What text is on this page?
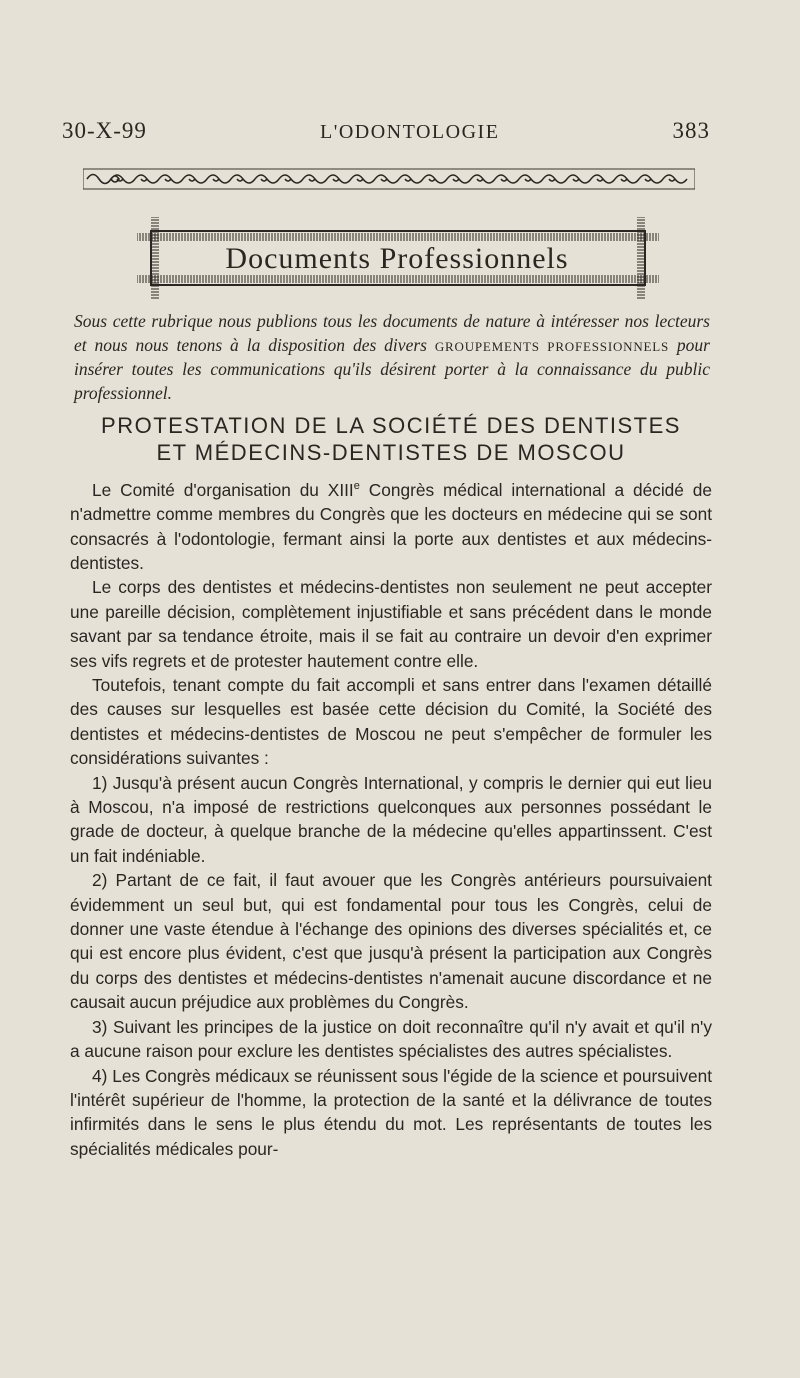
30-X-99	L'ODONTOLOGIE	383
Documents Professionnels

Sous cette rubrique nous publions tous les documents de nature à intéresser nos lecteurs et nous nous tenons à la disposition des divers GROUPEMENTS PROFESSIONNELS pour insérer toutes les communications qu'ils désirent porter à la connaissance du public professionnel.

PROTESTATION DE LA SOCIÉTÉ DES DENTISTES
ET MÉDECINS-DENTISTES DE MOSCOU

Le Comité d'organisation du XIIIe Congrès médical international a décidé de n'admettre comme membres du Congrès que les docteurs en médecine qui se sont consacrés à l'odontologie, fermant ainsi la porte aux dentistes et aux médecins-dentistes.

Le corps des dentistes et médecins-dentistes non seulement ne peut accepter une pareille décision, complètement injustifiable et sans précédent dans le monde savant par sa tendance étroite, mais il se fait au contraire un devoir d'en exprimer ses vifs regrets et de protester hautement contre elle.

Toutefois, tenant compte du fait accompli et sans entrer dans l'examen détaillé des causes sur lesquelles est basée cette décision du Comité, la Société des dentistes et médecins-dentistes de Moscou ne peut s'empêcher de formuler les considérations suivantes :

1) Jusqu'à présent aucun Congrès International, y compris le dernier qui eut lieu à Moscou, n'a imposé de restrictions quelconques aux personnes possédant le grade de docteur, à quelque branche de la médecine qu'elles appartinssent. C'est un fait indéniable.

2) Partant de ce fait, il faut avouer que les Congrès antérieurs poursuivaient évidemment un seul but, qui est fondamental pour tous les Congrès, celui de donner une vaste étendue à l'échange des opinions des diverses spécialités et, ce qui est encore plus évident, c'est que jusqu'à présent la participation aux Congrès du corps des dentistes et médecins-dentistes n'amenait aucune discordance et ne causait aucun préjudice aux problèmes du Congrès.

3) Suivant les principes de la justice on doit reconnaître qu'il n'y avait et qu'il n'y a aucune raison pour exclure les dentistes spécialistes des autres spécialistes.

4) Les Congrès médicaux se réunissent sous l'égide de la science et poursuivent l'intérêt supérieur de l'homme, la protection de la santé et la délivrance de toutes infirmités dans le sens le plus étendu du mot. Les représentants de toutes les spécialités médicales pour-
